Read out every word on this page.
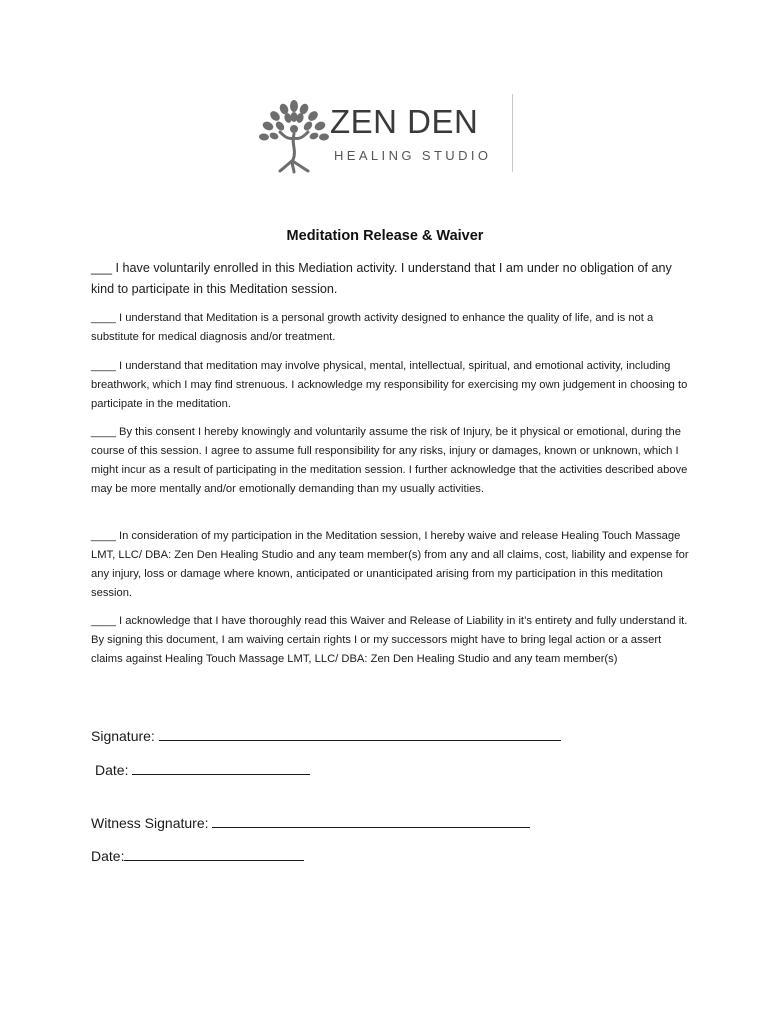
ZEN DEN
HEALING STUDIO
Meditation Release & Waiver
___ I have voluntarily enrolled in this Mediation activity. I understand that I am under no obligation of any kind to participate in this Meditation session.
____ I understand that Meditation is a personal growth activity designed to enhance the quality of life, and is not a substitute for medical diagnosis and/or treatment.
____ I understand that meditation may involve physical, mental, intellectual, spiritual, and emotional activity, including breathwork, which I may find strenuous. I acknowledge my responsibility for exercising my own judgement in choosing to participate in the meditation.
____ By this consent I hereby knowingly and voluntarily assume the risk of Injury, be it physical or emotional, during the course of this session. I agree to assume full responsibility for any risks, injury or damages, known or unknown, which I might incur as a result of participating in the meditation session. I further acknowledge that the activities described above may be more mentally and/or emotionally demanding than my usually activities.
____ In consideration of my participation in the Meditation session, I hereby waive and release Healing Touch Massage LMT, LLC/ DBA: Zen Den Healing Studio and any team member(s) from any and all claims, cost, liability and expense for any injury, loss or damage where known, anticipated or unanticipated arising from my participation in this meditation session.
____ I acknowledge that I have thoroughly read this Waiver and Release of Liability in it’s entirety and fully understand it. By signing this document, I am waiving certain rights I or my successors might have to bring legal action or a assert claims against Healing Touch Massage LMT, LLC/ DBA: Zen Den Healing Studio and any team member(s)
Signature:
Date:
Witness Signature:
Date:
